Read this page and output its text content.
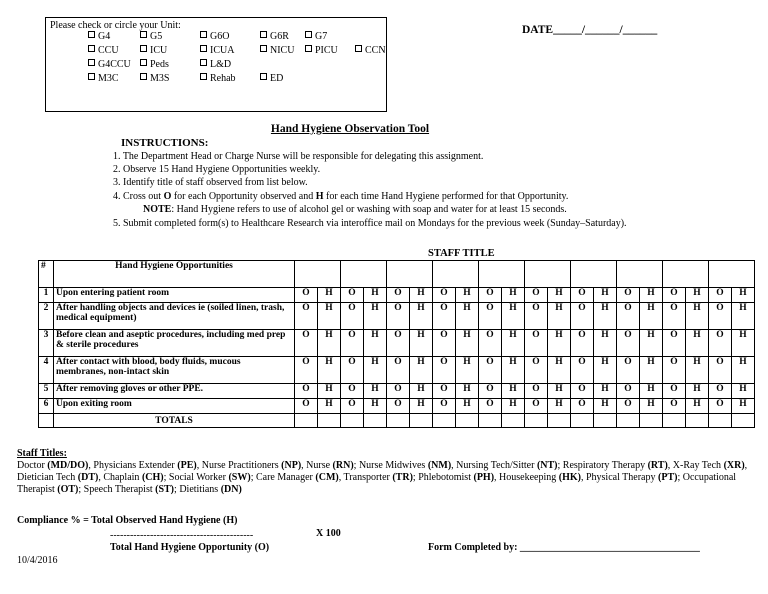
Please check or circle your Unit:
G4	G5	G6O	G6R	G7
CCU	ICU	ICUA	NICU	PICU	CCN
G4CCU	Peds	L&D
M3C	M3S	Rehab	ED
DATE_____/______/______
Hand Hygiene Observation Tool
INSTRUCTIONS:
1. The Department Head or Charge Nurse will be responsible for delegating this assignment.
2. Observe 15 Hand Hygiene Opportunities weekly.
3. Identify title of staff observed from list below.
4. Cross out O for each Opportunity observed and H for each time Hand Hygiene performed for that Opportunity.
NOTE: Hand Hygiene refers to use of alcohol gel or washing with soap and water for at least 15 seconds.
5. Submit completed form(s) to Healthcare Research via interoffice mail on Mondays for the previous week (Sunday–Saturday).
STAFF TITLE
#	Hand Hygiene Opportunities																				
1	Upon entering patient room	O	H	O	H	O	H	O	H	O	H	O	H	O	H	O	H	O	H	O	H
2	After handling objects and devices ie (soiled linen, trash, medical equipment)	O	H	O	H	O	H	O	H	O	H	O	H	O	H	O	H	O	H	O	H
3	Before clean and aseptic procedures, including med prep & sterile procedures	O	H	O	H	O	H	O	H	O	H	O	H	O	H	O	H	O	H	O	H
4	After contact with blood, body fluids, mucous membranes, non-intact skin	O	H	O	H	O	H	O	H	O	H	O	H	O	H	O	H	O	H	O	H
5	After removing gloves or other PPE.	O	H	O	H	O	H	O	H	O	H	O	H	O	H	O	H	O	H	O	H
6	Upon exiting room	O	H	O	H	O	H	O	H	O	H	O	H	O	H	O	H	O	H	O	H
	TOTALS																				
Staff Titles:
Doctor (MD/DO), Physicians Extender (PE), Nurse Practitioners (NP), Nurse (RN); Nurse Midwives (NM), Nursing Tech/Sitter (NT); Respiratory Therapy (RT), X-Ray Tech (XR), Dietician Tech (DT), Chaplain (CH); Social Worker (SW); Care Manager (CM), Transporter (TR); Phlebotomist (PH), Housekeeping (HK), Physical Therapy (PT); Occupational Therapist (OT); Speech Therapist (ST); Dietitians (DN)
Compliance % = Total Observed Hand Hygiene (H)
-------------------------------------------	X 100
Total Hand Hygiene Opportunity (O)	Form Completed by: ____________________________________
10/4/2016
